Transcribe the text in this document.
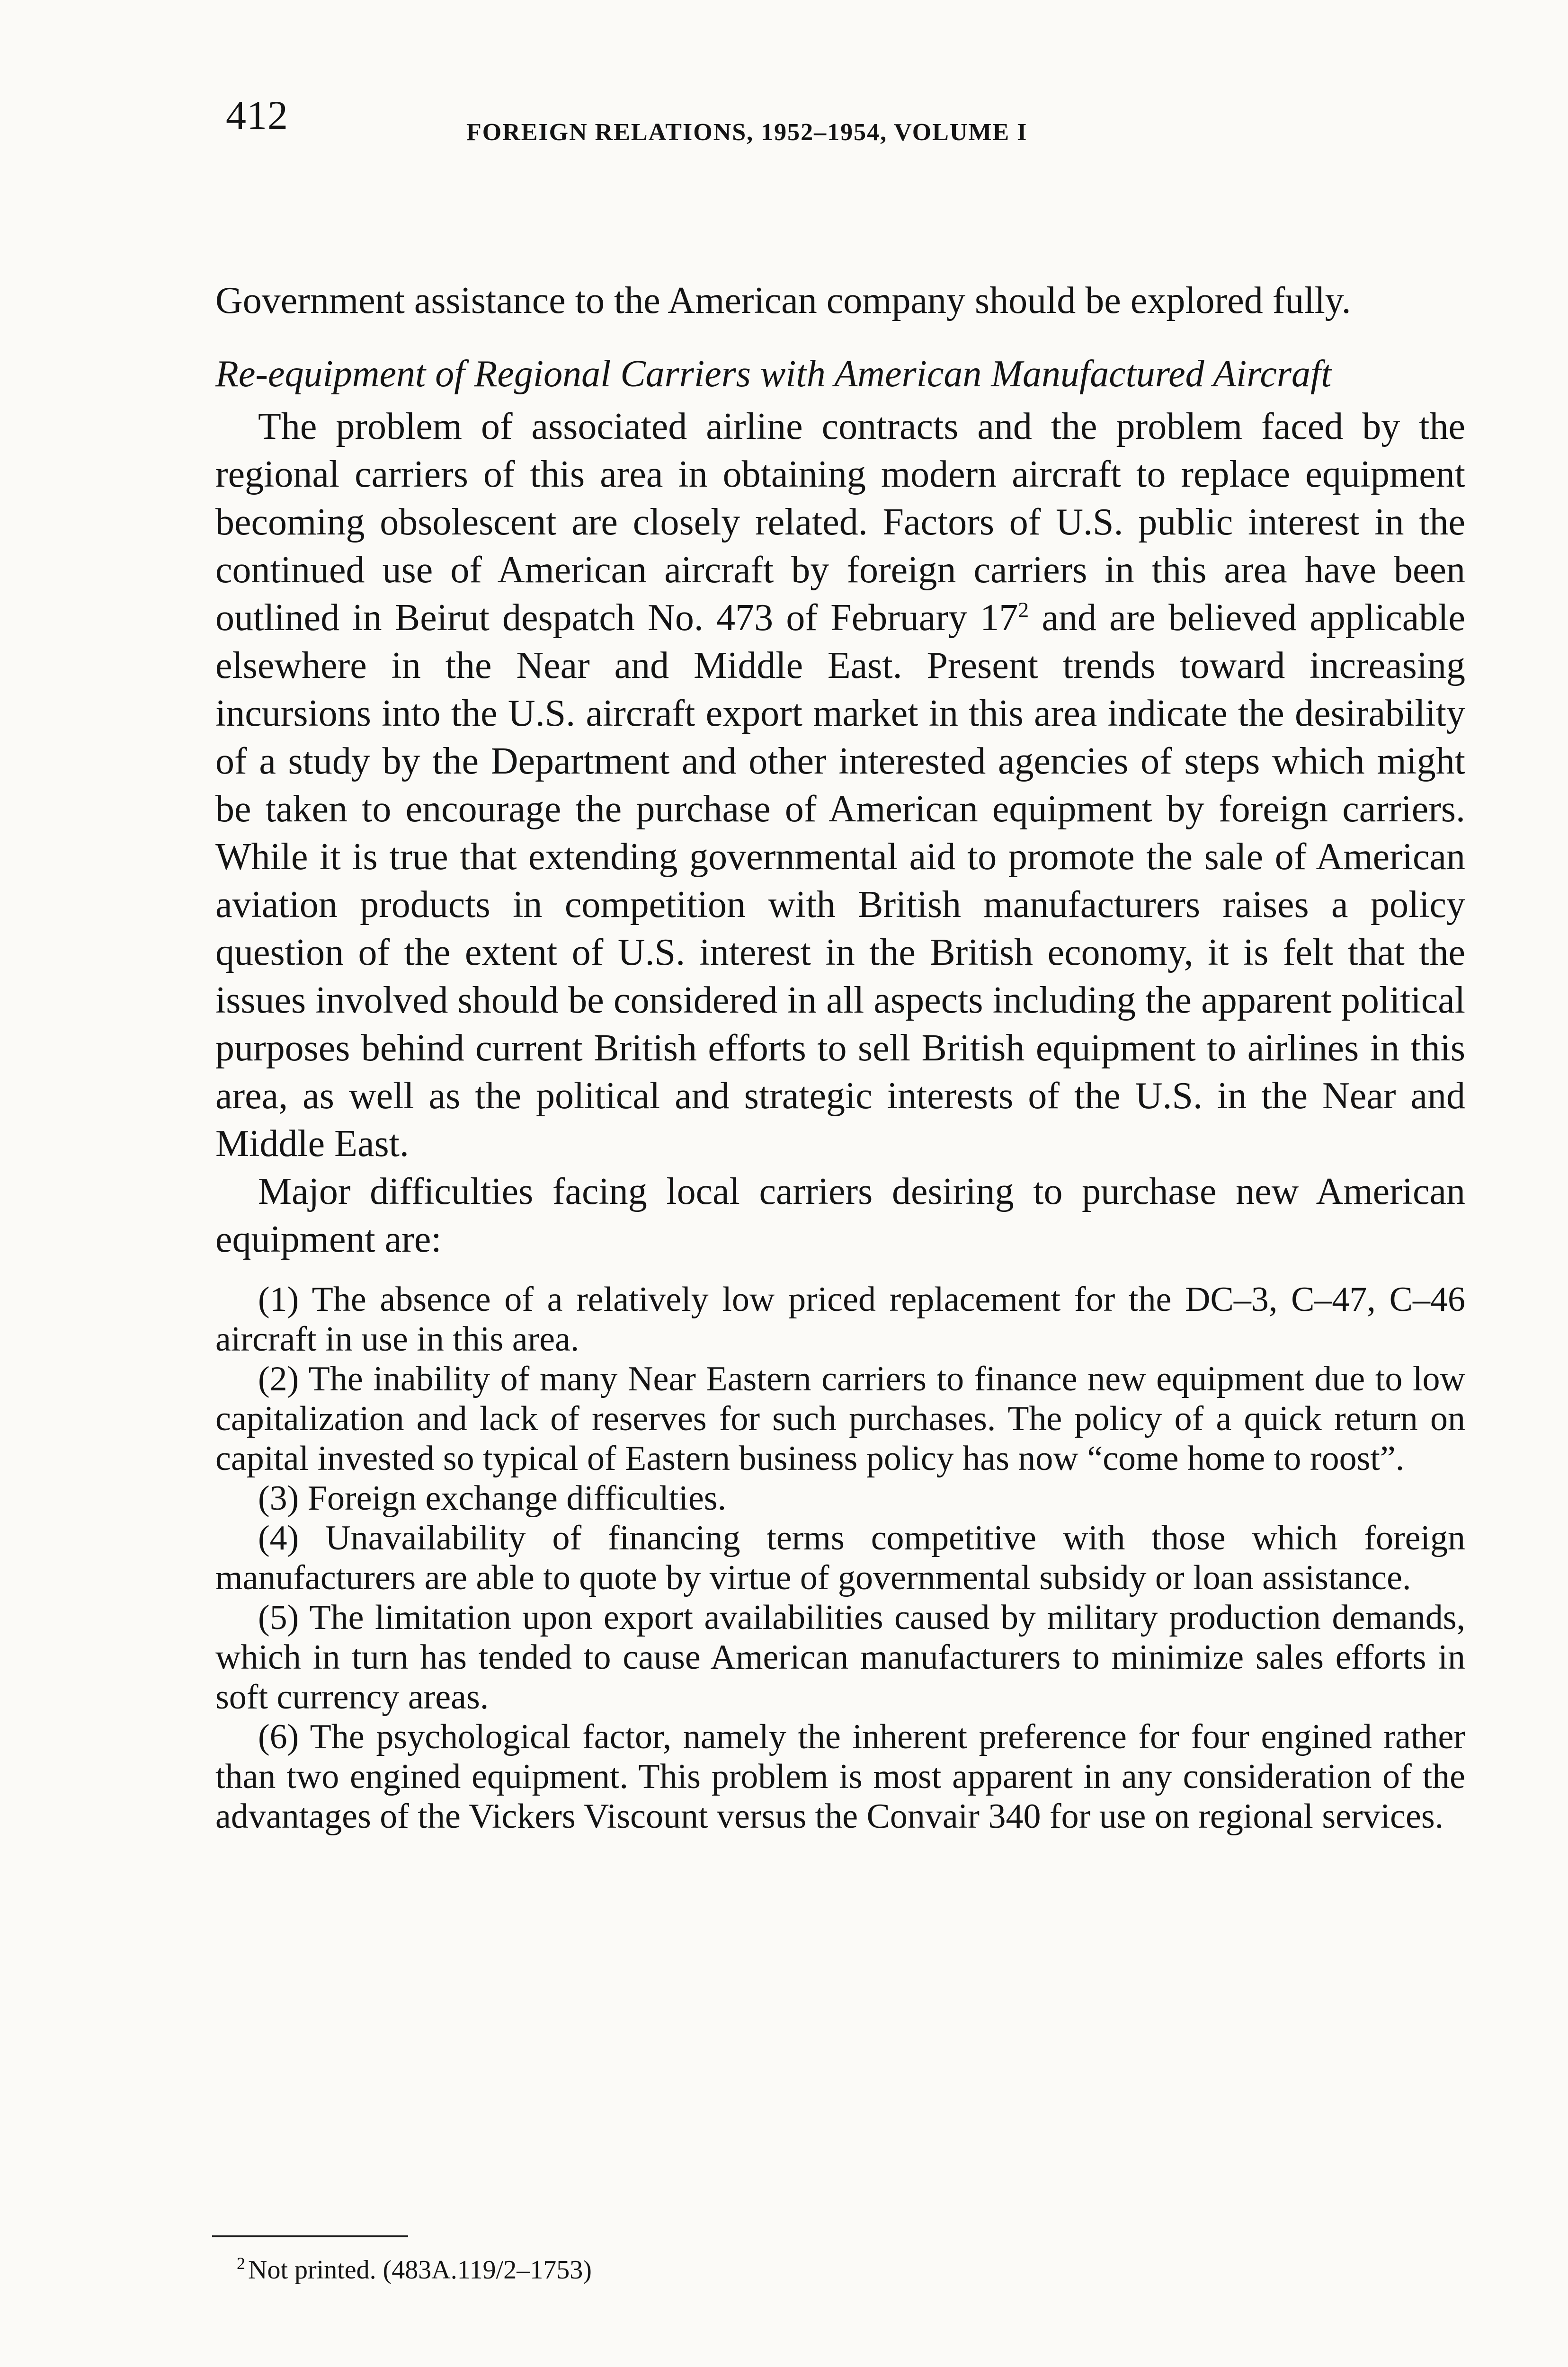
412	FOREIGN RELATIONS, 1952–1954, VOLUME I

Government assistance to the American company should be explored fully.

Re-equipment of Regional Carriers with American Manufactured Aircraft

The problem of associated airline contracts and the problem faced by the regional carriers of this area in obtaining modern aircraft to replace equipment becoming obsolescent are closely related. Factors of U.S. public interest in the continued use of American aircraft by foreign carriers in this area have been outlined in Beirut despatch No. 473 of February 17$^2$ and are believed applicable elsewhere in the Near and Middle East. Present trends toward increasing incursions into the U.S. aircraft export market in this area indicate the desirability of a study by the Department and other interested agencies of steps which might be taken to encourage the purchase of American equipment by foreign carriers. While it is true that extending governmental aid to promote the sale of American aviation products in competition with British manufacturers raises a policy question of the extent of U.S. interest in the British economy, it is felt that the issues involved should be considered in all aspects including the apparent political purposes behind current British efforts to sell British equipment to airlines in this area, as well as the political and strategic interests of the U.S. in the Near and Middle East.

Major difficulties facing local carriers desiring to purchase new American equipment are:

(1) The absence of a relatively low priced replacement for the DC–3, C–47, C–46 aircraft in use in this area.

(2) The inability of many Near Eastern carriers to finance new equipment due to low capitalization and lack of reserves for such purchases. The policy of a quick return on capital invested so typical of Eastern business policy has now “come home to roost”.

(3) Foreign exchange difficulties.

(4) Unavailability of financing terms competitive with those which foreign manufacturers are able to quote by virtue of governmental subsidy or loan assistance.

(5) The limitation upon export availabilities caused by military production demands, which in turn has tended to cause American manufacturers to minimize sales efforts in soft currency areas.

(6) The psychological factor, namely the inherent preference for four engined rather than two engined equipment. This problem is most apparent in any consideration of the advantages of the Vickers Viscount versus the Convair 340 for use on regional services.

$^2$ Not printed. (483A.119/2–1753)
